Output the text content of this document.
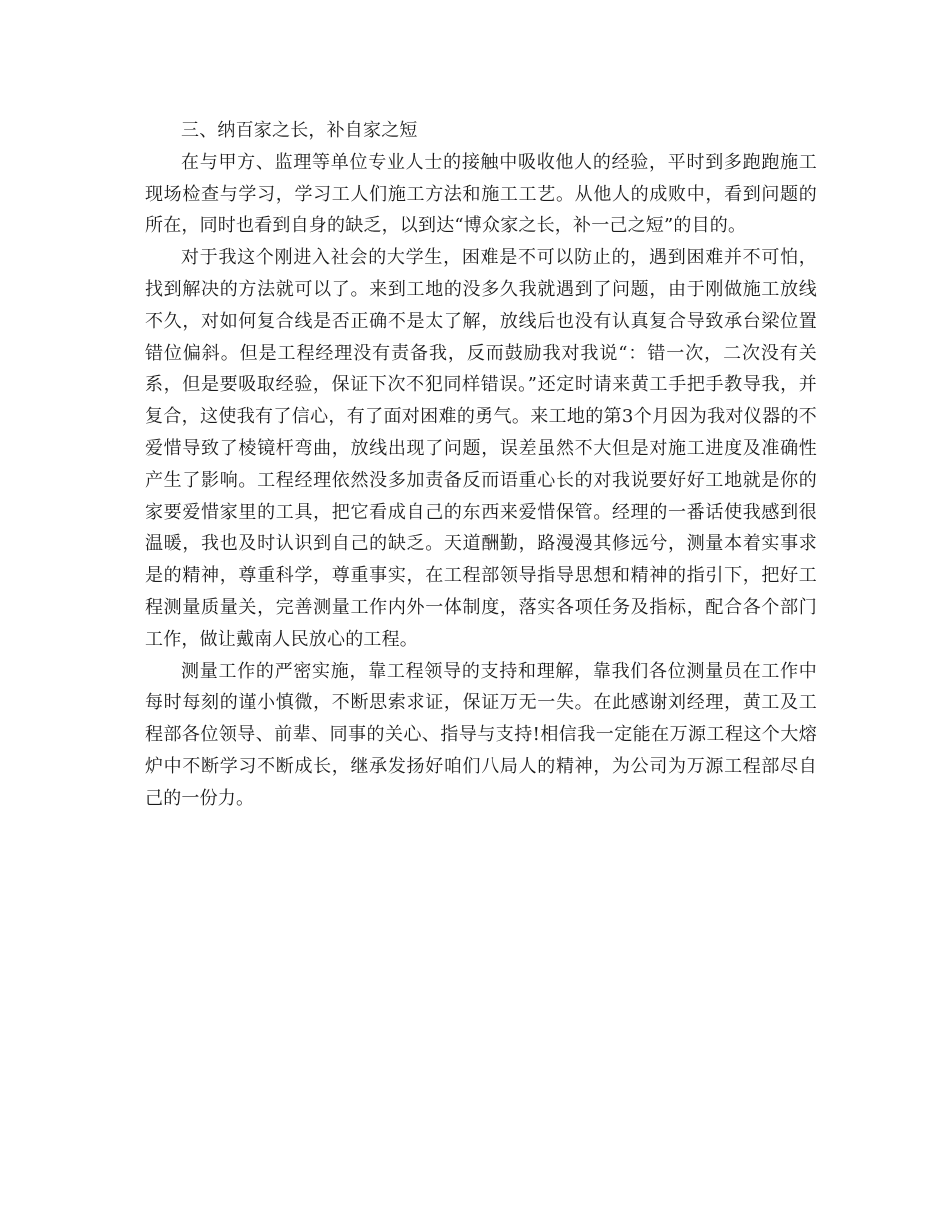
三、纳百家之长，补自家之短

在与甲方、监理等单位专业人士的接触中吸收他人的经验，平时到多跑跑施工现场检查与学习，学习工人们施工方法和施工工艺。从他人的成败中，看到问题的所在，同时也看到自身的缺乏，以到达“博众家之长，补一己之短”的目的。

对于我这个刚进入社会的大学生，困难是不可以防止的，遇到困难并不可怕，找到解决的方法就可以了。来到工地的没多久我就遇到了问题，由于刚做施工放线不久，对如何复合线是否正确不是太了解，放线后也没有认真复合导致承台梁位置错位偏斜。但是工程经理没有责备我，反而鼓励我对我说“：错一次，二次没有关系，但是要吸取经验，保证下次不犯同样错误。”还定时请来黄工手把手教导我，并复合，这使我有了信心，有了面对困难的勇气。来工地的第3个月因为我对仪器的不爱惜导致了棱镜杆弯曲，放线出现了问题，误差虽然不大但是对施工进度及准确性产生了影响。工程经理依然没多加责备反而语重心长的对我说要好好工地就是你的家要爱惜家里的工具，把它看成自己的东西来爱惜保管。经理的一番话使我感到很温暖，我也及时认识到自己的缺乏。天道酬勤，路漫漫其修远兮，测量本着实事求是的精神，尊重科学，尊重事实，在工程部领导指导思想和精神的指引下，把好工程测量质量关，完善测量工作内外一体制度，落实各项任务及指标，配合各个部门工作，做让戴南人民放心的工程。

测量工作的严密实施，靠工程领导的支持和理解，靠我们各位测量员在工作中每时每刻的谨小慎微，不断思索求证，保证万无一失。在此感谢刘经理，黄工及工程部各位领导、前辈、同事的关心、指导与支持!相信我一定能在万源工程这个大熔炉中不断学习不断成长，继承发扬好咱们八局人的精神，为公司为万源工程部尽自己的一份力。
